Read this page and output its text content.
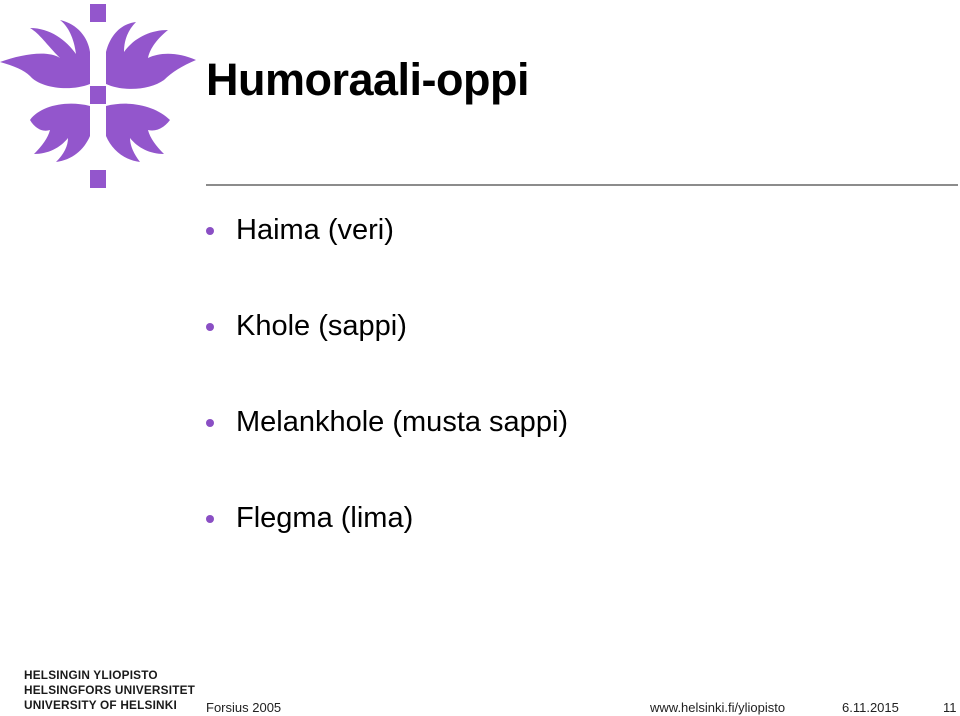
Humoraali-oppi
Haima (veri)
Khole (sappi)
Melankhole (musta sappi)
Flegma (lima)
HELSINGIN YLIOPISTO
HELSINGFORS UNIVERSITET
UNIVERSITY OF HELSINKI	Forsius 2005	www.helsinki.fi/yliopisto	6.11.2015	11
